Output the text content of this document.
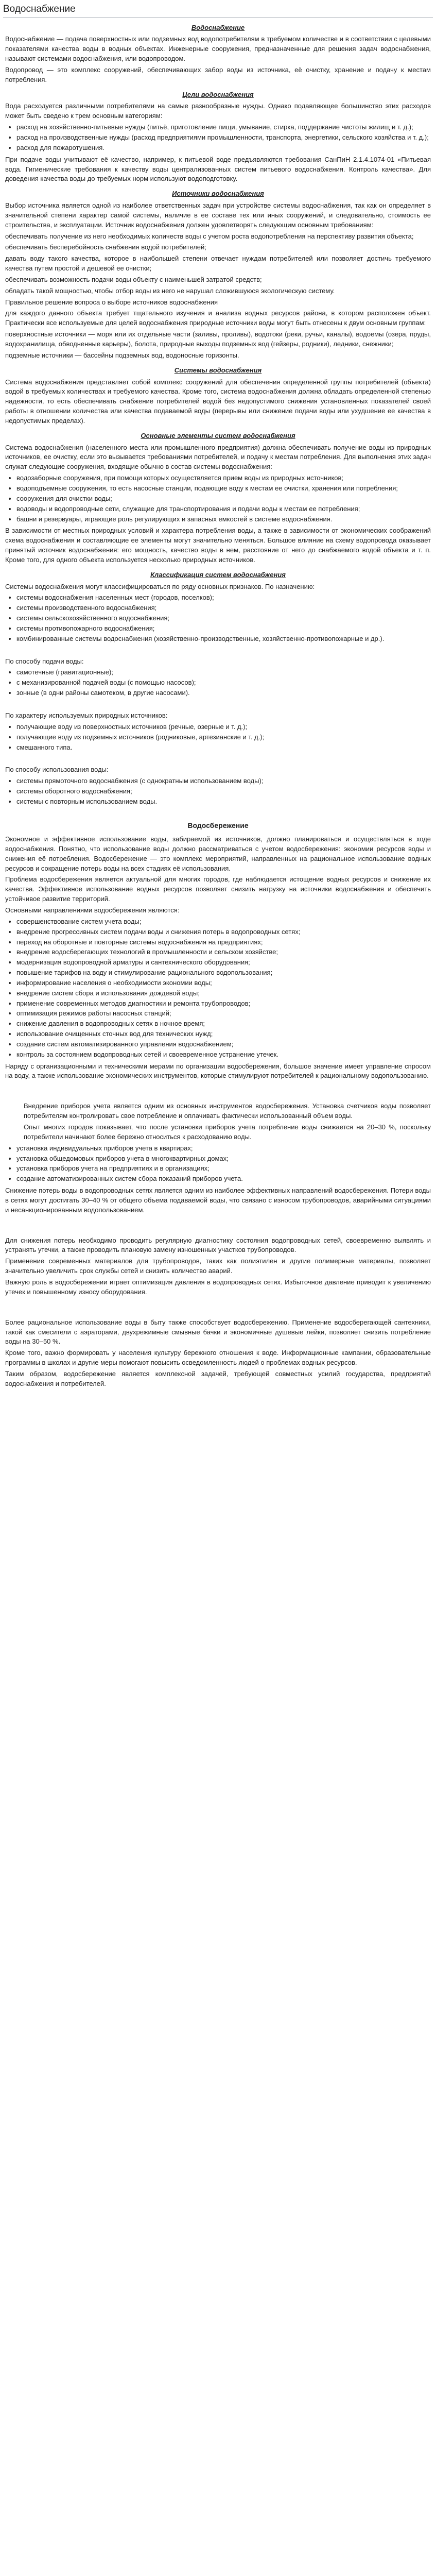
Водоснабжение
Водоснабжение

Водоснабжение — подача поверхностных или подземных вод водопотребителям в требуемом количестве и в соответствии с целевыми показателями качества воды в водных объектах. Инженерные сооружения, предназначенные для решения задач водоснабжения, называют системами водоснабжения, или водопроводом.

Водопровод — это комплекс сооружений, обеспечивающих забор воды из источника, её очистку, хранение и подачу к местам потребления.

Цели водоснабжения

Вода расходуется различными потребителями на самые разнообразные нужды. Однако подавляющее большинство этих расходов может быть сведено к трем основным категориям:

• расход на хозяйственно-питьевые нужды (питьё, приготовление пищи, умывание, стирка, поддержание чистоты жилищ и т. д.);
• расход на производственные нужды (расход предприятиями промышленности, транспорта, энергетики, сельского хозяйства и т. д.);
• расход для пожаротушения.

При подаче воды учитывают её качество, например, к питьевой воде предъявляются требования СанПиН 2.1.4.1074-01 «Питьевая вода. Гигиенические требования к качеству воды централизованных систем питьевого водоснабжения. Контроль качества». Для доведения качества воды до требуемых норм используют водоподготовку.

Источники водоснабжения

Выбор источника является одной из наиболее ответственных задач при устройстве системы водоснабжения, так как он определяет в значительной степени характер самой системы, наличие в ее составе тех или иных сооружений, и следовательно, стоимость ее строительства, и эксплуатации. Источник водоснабжения должен удовлетворять следующим основным требованиям:

обеспечивать получение из него необходимых количеств воды с учетом роста водопотребления на перспективу развития объекта;

обеспечивать бесперебойность снабжения водой потребителей;

давать воду такого качества, которое в наибольшей степени отвечает нуждам потребителей или позволяет достичь требуемого качества путем простой и дешевой ее очистки;

обеспечивать возможность подачи воды объекту с наименьшей затратой средств;

обладать такой мощностью, чтобы отбор воды из него не нарушал сложившуюся экологическую систему.

Правильное решение вопроса о выборе источников водоснабжения

для каждого данного объекта требует тщательного изучения и анализа водных ресурсов района, в котором расположен объект. Практически все используемые для целей водоснабжения природные источники воды могут быть отнесены к двум основным группам:

поверхностные источники — моря или их отдельные части (заливы, проливы), водотоки (реки, ручьи, каналы), водоемы (озера, пруды, водохранилища, обводненные карьеры), болота, природные выходы подземных вод (гейзеры, родники), ледники, снежники;

подземные источники — бассейны подземных вод, водоносные горизонты.

Системы водоснабжения

Система водоснабжения представляет собой комплекс сооружений для обеспечения определенной группы потребителей (объекта) водой в требуемых количествах и требуемого качества. Кроме того, система водоснабжения должна обладать определенной степенью надежности, то есть обеспечивать снабжение потребителей водой без недопустимого снижения установленных показателей своей работы в отношении количества или качества подаваемой воды (перерывы или снижение подачи воды или ухудшение ее качества в недопустимых пределах).

Основные элементы систем водоснабжения

Система водоснабжения (населенного места или промышленного предприятия) должна обеспечивать получение воды из природных источников, ее очистку, если это вызывается требованиями потребителей, и подачу к местам потребления. Для выполнения этих задач служат следующие сооружения, входящие обычно в состав системы водоснабжения:

• водозаборные сооружения, при помощи которых осуществляется прием воды из природных источников;
• водоподъемные сооружения, то есть насосные станции, подающие воду к местам ее очистки, хранения или потребления;
• сооружения для очистки воды;
• водоводы и водопроводные сети, служащие для транспортирования и подачи воды к местам ее потребления;
• башни и резервуары, играющие роль регулирующих и запасных емкостей в системе водоснабжения.

В зависимости от местных природных условий и характера потребления воды, а также в зависимости от экономических соображений схема водоснабжения и составляющие ее элементы могут значительно меняться. Большое влияние на схему водопровода оказывает принятый источник водоснабжения: его мощность, качество воды в нем, расстояние от него до снабжаемого водой объекта и т. п. Кроме того, для одного объекта используется несколько природных источников.

Классификация систем водоснабжения

Системы водоснабжения могут классифицироваться по ряду основных признаков. По назначению:

• системы водоснабжения населенных мест (городов, поселков);
• системы производственного водоснабжения;
• системы сельскохозяйственного водоснабжения;
• системы противопожарного водоснабжения;
• комбинированные системы водоснабжения (хозяйственно-производственные, хозяйственно-противопожарные и др.).

По способу подачи воды:

• самотечные (гравитационные);
• с механизированной подачей воды (с помощью насосов);
• зонные (в одни районы самотеком, в другие насосами).

По характеру используемых природных источников:

• получающие воду из поверхностных источников (речные, озерные и т. д.);
• получающие воду из подземных источников (родниковые, артезианские и т. д.);
• смешанного типа.

По способу использования воды:

• системы прямоточного водоснабжения (с однократным использованием воды);
• системы оборотного водоснабжения;
• системы с повторным использованием воды.
Водосбережение

Экономное и эффективное использование воды, забираемой из источников, должно планироваться и осуществляться в ходе водоснабжения. Понятно, что использование воды должно рассматриваться с учетом водосбережения: экономии ресурсов воды и снижения её потребления. Водосбережение — это комплекс мероприятий, направленных на рациональное использование водных ресурсов и сокращение потерь воды на всех стадиях её использования.

Проблема водосбережения является актуальной для многих городов, где наблюдается истощение водных ресурсов и снижение их качества. Эффективное использование водных ресурсов позволяет снизить нагрузку на источники водоснабжения и обеспечить устойчивое развитие территорий.

Основными направлениями водосбережения являются:

• совершенствование систем учета воды;
• внедрение прогрессивных систем подачи воды и снижения потерь в водопроводных сетях;
• переход на оборотные и повторные системы водоснабжения на предприятиях;
• внедрение водосберегающих технологий в промышленности и сельском хозяйстве;
• модернизация водопроводной арматуры и сантехнического оборудования;
• повышение тарифов на воду и стимулирование рационального водопользования;
• информирование населения о необходимости экономии воды;
• внедрение систем сбора и использования дождевой воды;
• применение современных методов диагностики и ремонта трубопроводов;
• оптимизация режимов работы насосных станций;
• снижение давления в водопроводных сетях в ночное время;
• использование очищенных сточных вод для технических нужд;
• создание систем автоматизированного управления водоснабжением;
• контроль за состоянием водопроводных сетей и своевременное устранение утечек.

Наряду с организационными и техническими мерами по организации водосбережения, большое значение имеет управление спросом на воду, а также использование экономических инструментов, которые стимулируют потребителей к рациональному водопользованию.

Внедрение приборов учета является одним из основных инструментов водосбережения. Установка счетчиков воды позволяет потребителям контролировать свое потребление и оплачивать фактически использованный объем воды.

Опыт многих городов показывает, что после установки приборов учета потребление воды снижается на 20–30 %, поскольку потребители начинают более бережно относиться к расходованию воды.

• установка индивидуальных приборов учета в квартирах;
• установка общедомовых приборов учета в многоквартирных домах;
• установка приборов учета на предприятиях и в организациях;
• создание автоматизированных систем сбора показаний приборов учета.

Снижение потерь воды в водопроводных сетях является одним из наиболее эффективных направлений водосбережения. Потери воды в сетях могут достигать 30–40 % от общего объема подаваемой воды, что связано с износом трубопроводов, аварийными ситуациями и несанкционированным водопользованием.

Для снижения потерь необходимо проводить регулярную диагностику состояния водопроводных сетей, своевременно выявлять и устранять утечки, а также проводить плановую замену изношенных участков трубопроводов.

Применение современных материалов для трубопроводов, таких как полиэтилен и другие полимерные материалы, позволяет значительно увеличить срок службы сетей и снизить количество аварий.

Важную роль в водосбережении играет оптимизация давления в водопроводных сетях. Избыточное давление приводит к увеличению утечек и повышенному износу оборудования.

Более рациональное использование воды в быту также способствует водосбережению. Применение водосберегающей сантехники, такой как смесители с аэраторами, двухрежимные смывные бачки и экономичные душевые лейки, позволяет снизить потребление воды на 30–50 %.

Кроме того, важно формировать у населения культуру бережного отношения к воде. Информационные кампании, образовательные программы в школах и другие меры помогают повысить осведомленность людей о проблемах водных ресурсов.

Таким образом, водосбережение является комплексной задачей, требующей совместных усилий государства, предприятий водоснабжения и потребителей.
